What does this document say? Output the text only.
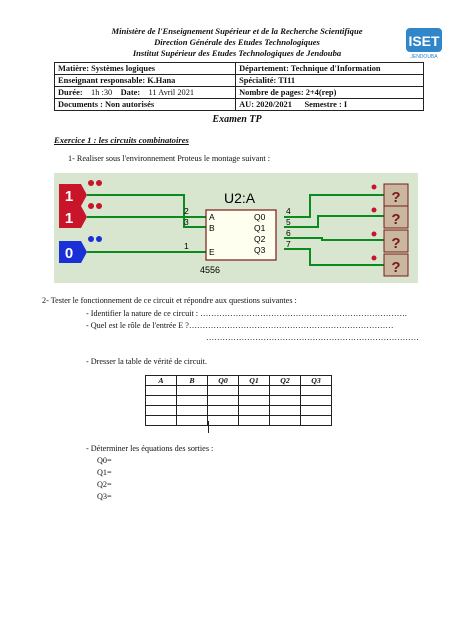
Ministère de l'Enseignement Supérieur et de la Recherche Scientifique
Direction Générale des Etudes Technologiques
Institut Supérieur des Etudes Technologiques de Jendouba
ISET
JENDOUBA
Matière: Systèmes logiques	Département: Technique d'Information
Enseignant responsable: K.Hana	Spécialité: TI11
Durée: 1h :30 Date: 11 Avril 2021	Nombre de pages: 2+4(rep)
Documents : Non autorisés	AU: 2020/2021 Semestre : I
Examen TP
Exercice 1 : les circuits combinatoires
1- Realiser sous l'environnement Proteus le montage suivant :
U2:A
4556
A
B
E
Q0
Q1
Q2
Q3
2
3
1
4
5
6
7
1
1
0
?
?
?
?
2- Tester le fonctionnement de ce circuit et répondre aux questions suivantes :
- Identifier la nature de ce circuit : ………………………………………………………………….
- Quel est le rôle de l'entrée E ?…………………………………………………………………
……………………………………………………………………
- Dresser la table de vérité de circuit.
A	B	Q0	Q1	Q2	Q3

- Déterminer les équations des sorties :
Q0=
Q1=
Q2=
Q3=
